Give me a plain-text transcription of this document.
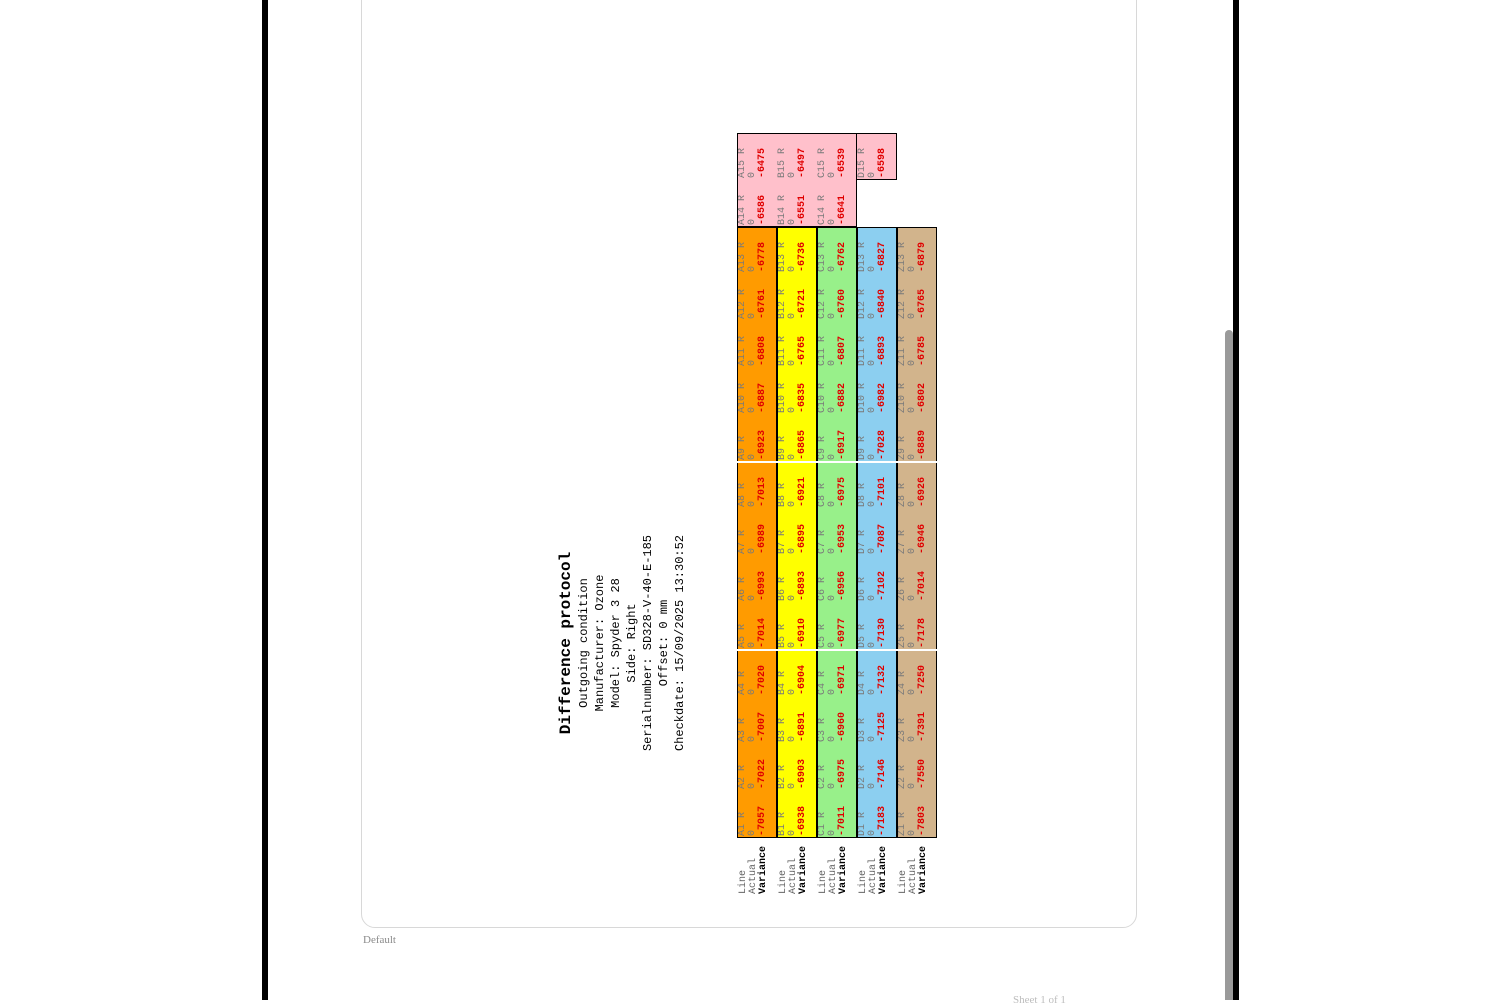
Difference protocol Outgoing condition Manufacturer: Ozone Model: Spyder 3 28 Side: Right Serialnumber: SD328-V-40-E-185 Offset: 0 mm Checkdate: 15/09/2025 13:30:52
A1 R 0 -7057
A2 R 0 -7022
A3 R 0 -7007
A4 R 0 -7020
A5 R 0 -7014
A6 R 0 -6993
A7 R 0 -6989
A8 R 0 -7013
A9 R 0 -6923
A10 R 0 -6887
A11 R 0 -6808
A12 R 0 -6761
A13 R 0 -6778
Line Actual Variance
B1 R 0 -6938
B2 R 0 -6903
B3 R 0 -6891
B4 R 0 -6904
B5 R 0 -6910
B6 R 0 -6893
B7 R 0 -6895
B8 R 0 -6921
B9 R 0 -6865
B10 R 0 -6835
B11 R 0 -6765
B12 R 0 -6721
B13 R 0 -6736
Line Actual Variance
C1 R 0 -7011
C2 R 0 -6975
C3 R 0 -6960
C4 R 0 -6971
C5 R 0 -6977
C6 R 0 -6956
C7 R 0 -6953
C8 R 0 -6975
C9 R 0 -6917
C10 R 0 -6882
C11 R 0 -6807
C12 R 0 -6760
C13 R 0 -6762
Line Actual Variance
D1 R 0 -7183
D2 R 0 -7146
D3 R 0 -7125
D4 R 0 -7132
D5 R 0 -7130
D6 R 0 -7102
D7 R 0 -7087
D8 R 0 -7101
D9 R 0 -7028
D10 R 0 -6982
D11 R 0 -6893
D12 R 0 -6840
D13 R 0 -6827
Line Actual Variance
Z1 R 0 -7803
Z2 R 0 -7550
Z3 R 0 -7391
Z4 R 0 -7250
Z5 R 0 -7178
Z6 R 0 -7014
Z7 R 0 -6946
Z8 R 0 -6926
Z9 R 0 -6889
Z10 R 0 -6802
Z11 R 0 -6785
Z12 R 0 -6765
Z13 R 0 -6879
Line Actual Variance
A14 R 0 -6586
A15 R 0 -6475
B14 R 0 -6551
B15 R 0 -6497
C14 R 0 -6641
C15 R 0 -6539 D15 R 0 -6598
Default
Sheet 1 of 1
